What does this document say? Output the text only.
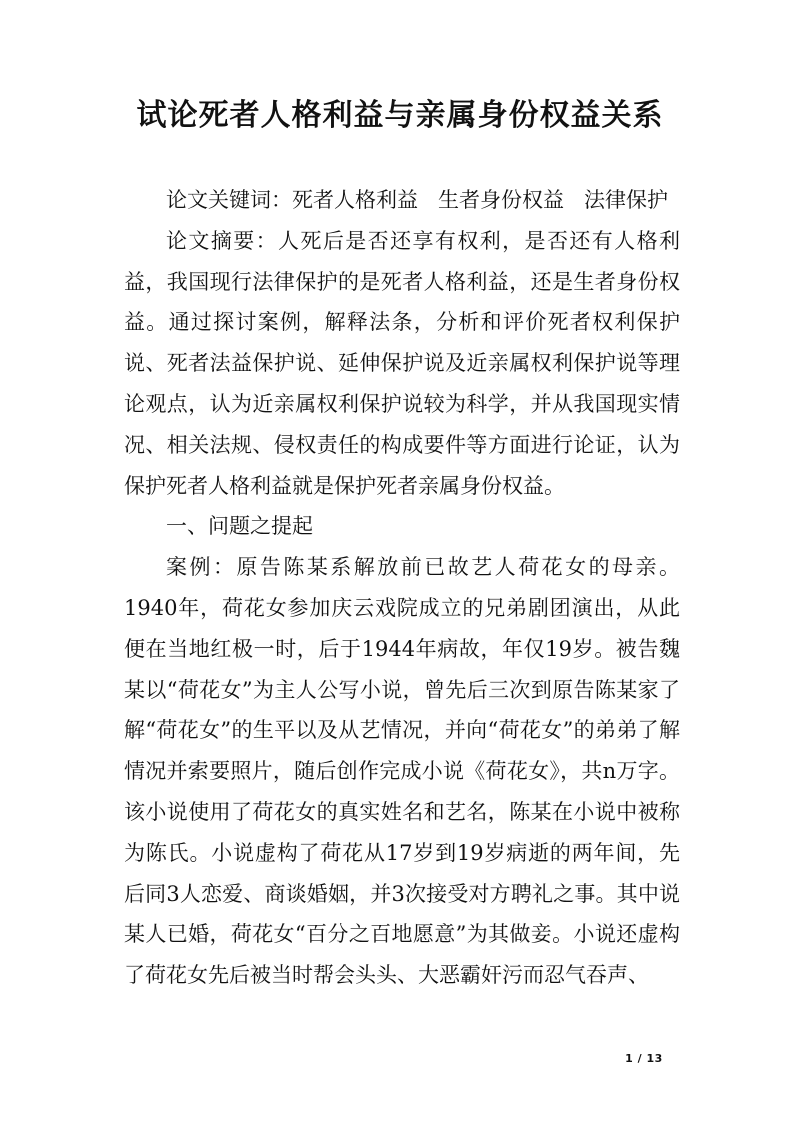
试论死者人格利益与亲属身份权益关系

论文关键词：死者人格利益 生者身份权益 法律保护

论文摘要：人死后是否还享有权利，是否还有人格利益，我国现行法律保护的是死者人格利益，还是生者身份权益。通过探讨案例，解释法条，分析和评价死者权利保护说、死者法益保护说、延伸保护说及近亲属权利保护说等理论观点，认为近亲属权利保护说较为科学，并从我国现实情况、相关法规、侵权责任的构成要件等方面进行论证，认为保护死者人格利益就是保护死者亲属身份权益。

一、问题之提起

案例：原告陈某系解放前已故艺人荷花女的母亲。1940年，荷花女参加庆云戏院成立的兄弟剧团演出，从此便在当地红极一时，后于1944年病故，年仅19岁。被告魏某以“荷花女”为主人公写小说，曾先后三次到原告陈某家了解“荷花女”的生平以及从艺情况，并向“荷花女”的弟弟了解情况并索要照片，随后创作完成小说《荷花女》，共n万字。该小说使用了荷花女的真实姓名和艺名，陈某在小说中被称为陈氏。小说虚构了荷花从17岁到19岁病逝的两年间，先后同3人恋爱、商谈婚姻，并3次接受对方聘礼之事。其中说某人已婚，荷花女“百分之百地愿意”为其做妾。小说还虚构了荷花女先后被当时帮会头头、大恶霸奸污而忍气吞声、

1 / 13
